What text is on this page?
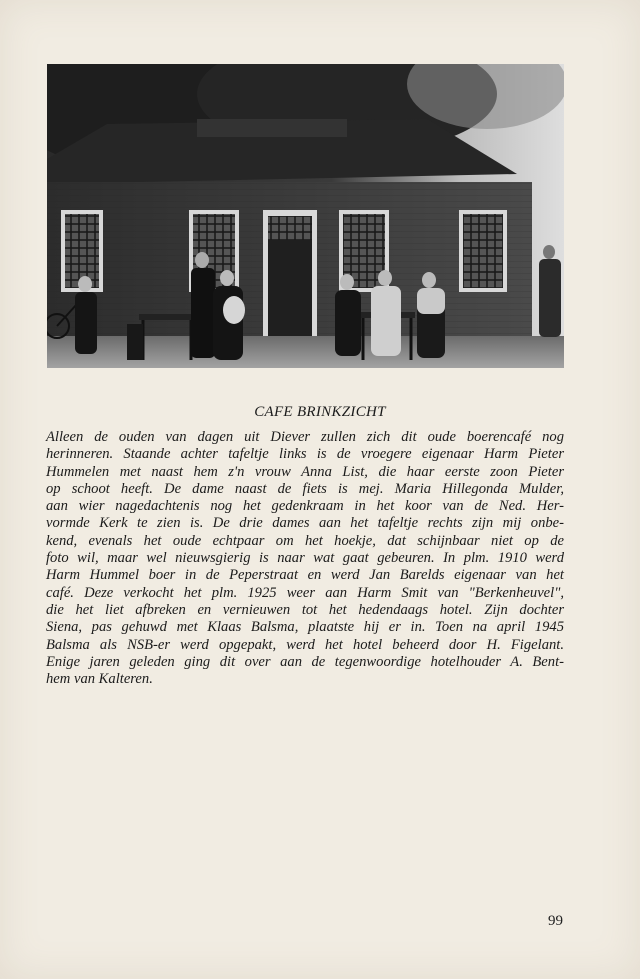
CAFE BRINKZICHT
Alleen de ouden van dagen uit Diever zullen zich dit oude boerencafé nog
herinneren. Staande achter tafeltje links is de vroegere eigenaar Harm Pieter
Hummelen met naast hem z'n vrouw Anna List, die haar eerste zoon Pieter
op schoot heeft. De dame naast de fiets is mej. Maria Hillegonda Mulder,
aan wier nagedachtenis nog het gedenkraam in het koor van de Ned. Her-
vormde Kerk te zien is. De drie dames aan het tafeltje rechts zijn mij onbe-
kend, evenals het oude echtpaar om het hoekje, dat schijnbaar niet op de
foto wil, maar wel nieuwsgierig is naar wat gaat gebeuren. In plm. 1910 werd
Harm Hummel boer in de Peperstraat en werd Jan Barelds eigenaar van het
café. Deze verkocht het plm. 1925 weer aan Harm Smit van "Berkenheuvel",
die het liet afbreken en vernieuwen tot het hedendaags hotel. Zijn dochter
Siena, pas gehuwd met Klaas Balsma, plaatste hij er in. Toen na april 1945
Balsma als NSB-er werd opgepakt, werd het hotel beheerd door H. Figelant.
Enige jaren geleden ging dit over aan de tegenwoordige hotelhouder A. Bent-
hem van Kalteren.
99
